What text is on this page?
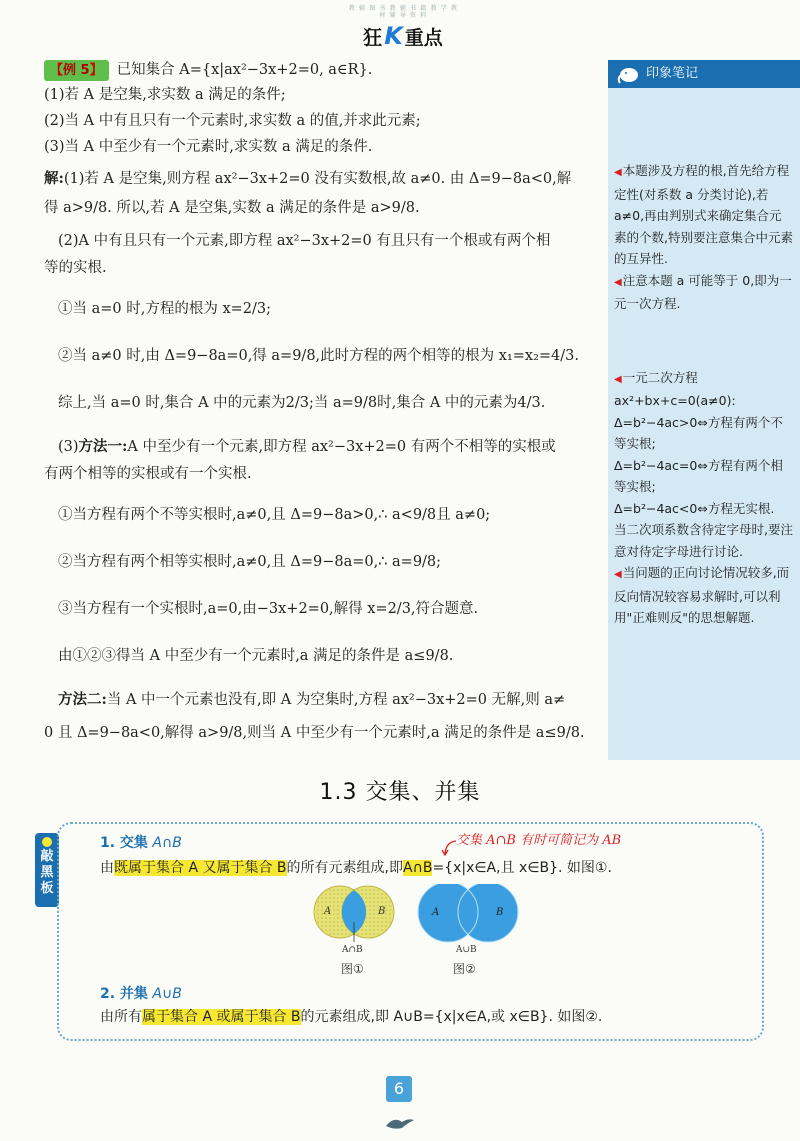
教 辅 图 书 教 辅 书 籍 教 学 教 材 辅 导 资 料
狂K 重点

【例 5】 已知集合 A={x|ax²−3x+2=0, a∈R}.

(1)若 A 是空集,求实数 a 满足的条件;

(2)当 A 中有且只有一个元素时,求实数 a 的值,并求此元素;

(3)当 A 中至少有一个元素时,求实数 a 满足的条件.

解:(1)若 A 是空集,则方程 ax²−3x+2=0 没有实数根,故 a≠0. 由 Δ=9−8a<0,解

得 a>9/8. 所以,若 A 是空集,实数 a 满足的条件是 a>9/8.

(2)A 中有且只有一个元素,即方程 ax²−3x+2=0 有且只有一个根或有两个相

等的实根.

①当 a=0 时,方程的根为 x=2/3;

②当 a≠0 时,由 Δ=9−8a=0,得 a=9/8,此时方程的两个相等的根为 x₁=x₂=4/3.

综上,当 a=0 时,集合 A 中的元素为2/3;当 a=9/8时,集合 A 中的元素为4/3.

(3)方法一:A 中至少有一个元素,即方程 ax²−3x+2=0 有两个不相等的实根或

有两个相等的实根或有一个实根.

①当方程有两个不等实根时,a≠0,且 Δ=9−8a>0,∴ a<9/8且 a≠0;

②当方程有两个相等实根时,a≠0,且 Δ=9−8a=0,∴ a=9/8;

③当方程有一个实根时,a=0,由−3x+2=0,解得 x=2/3,符合题意.

由①②③得当 A 中至少有一个元素时,a 满足的条件是 a≤9/8.

方法二:当 A 中一个元素也没有,即 A 为空集时,方程 ax²−3x+2=0 无解,则 a≠

0 且 Δ=9−8a<0,解得 a>9/8,则当 A 中至少有一个元素时,a 满足的条件是 a≤9/8.

印象笔记

◀本题涉及方程的根,首先给方程定性(对系数 a 分类讨论),若 a≠0,再由判别式来确定集合元素的个数,特别要注意集合中元素的互异性.

◀注意本题 a 可能等于 0,即为一元一次方程.

◀一元二次方程 ax²+bx+c=0(a≠0):

Δ=b²−4ac>0⇔方程有两个不等实根;

Δ=b²−4ac=0⇔方程有两个相等实根;

Δ=b²−4ac<0⇔方程无实根.

当二次项系数含待定字母时,要注意对待定字母进行讨论.

◀当问题的正向讨论情况较多,而反向情况较容易求解时,可以利用"正难则反"的思想解题.

1.3 交集、并集
敲黑板
1. 交集 A∩B	交集 A∩B 有时可简记为 AB
由既属于集合 A 又属于集合 B的所有元素组成,即A∩B={x|x∈A,且 x∈B}. 如图①.
A	B
A∩B
图①
A	B
A∪B
图②
2. 并集 A∪B
由所有属于集合 A 或属于集合 B的元素组成,即 A∪B={x|x∈A,或 x∈B}. 如图②.
6
